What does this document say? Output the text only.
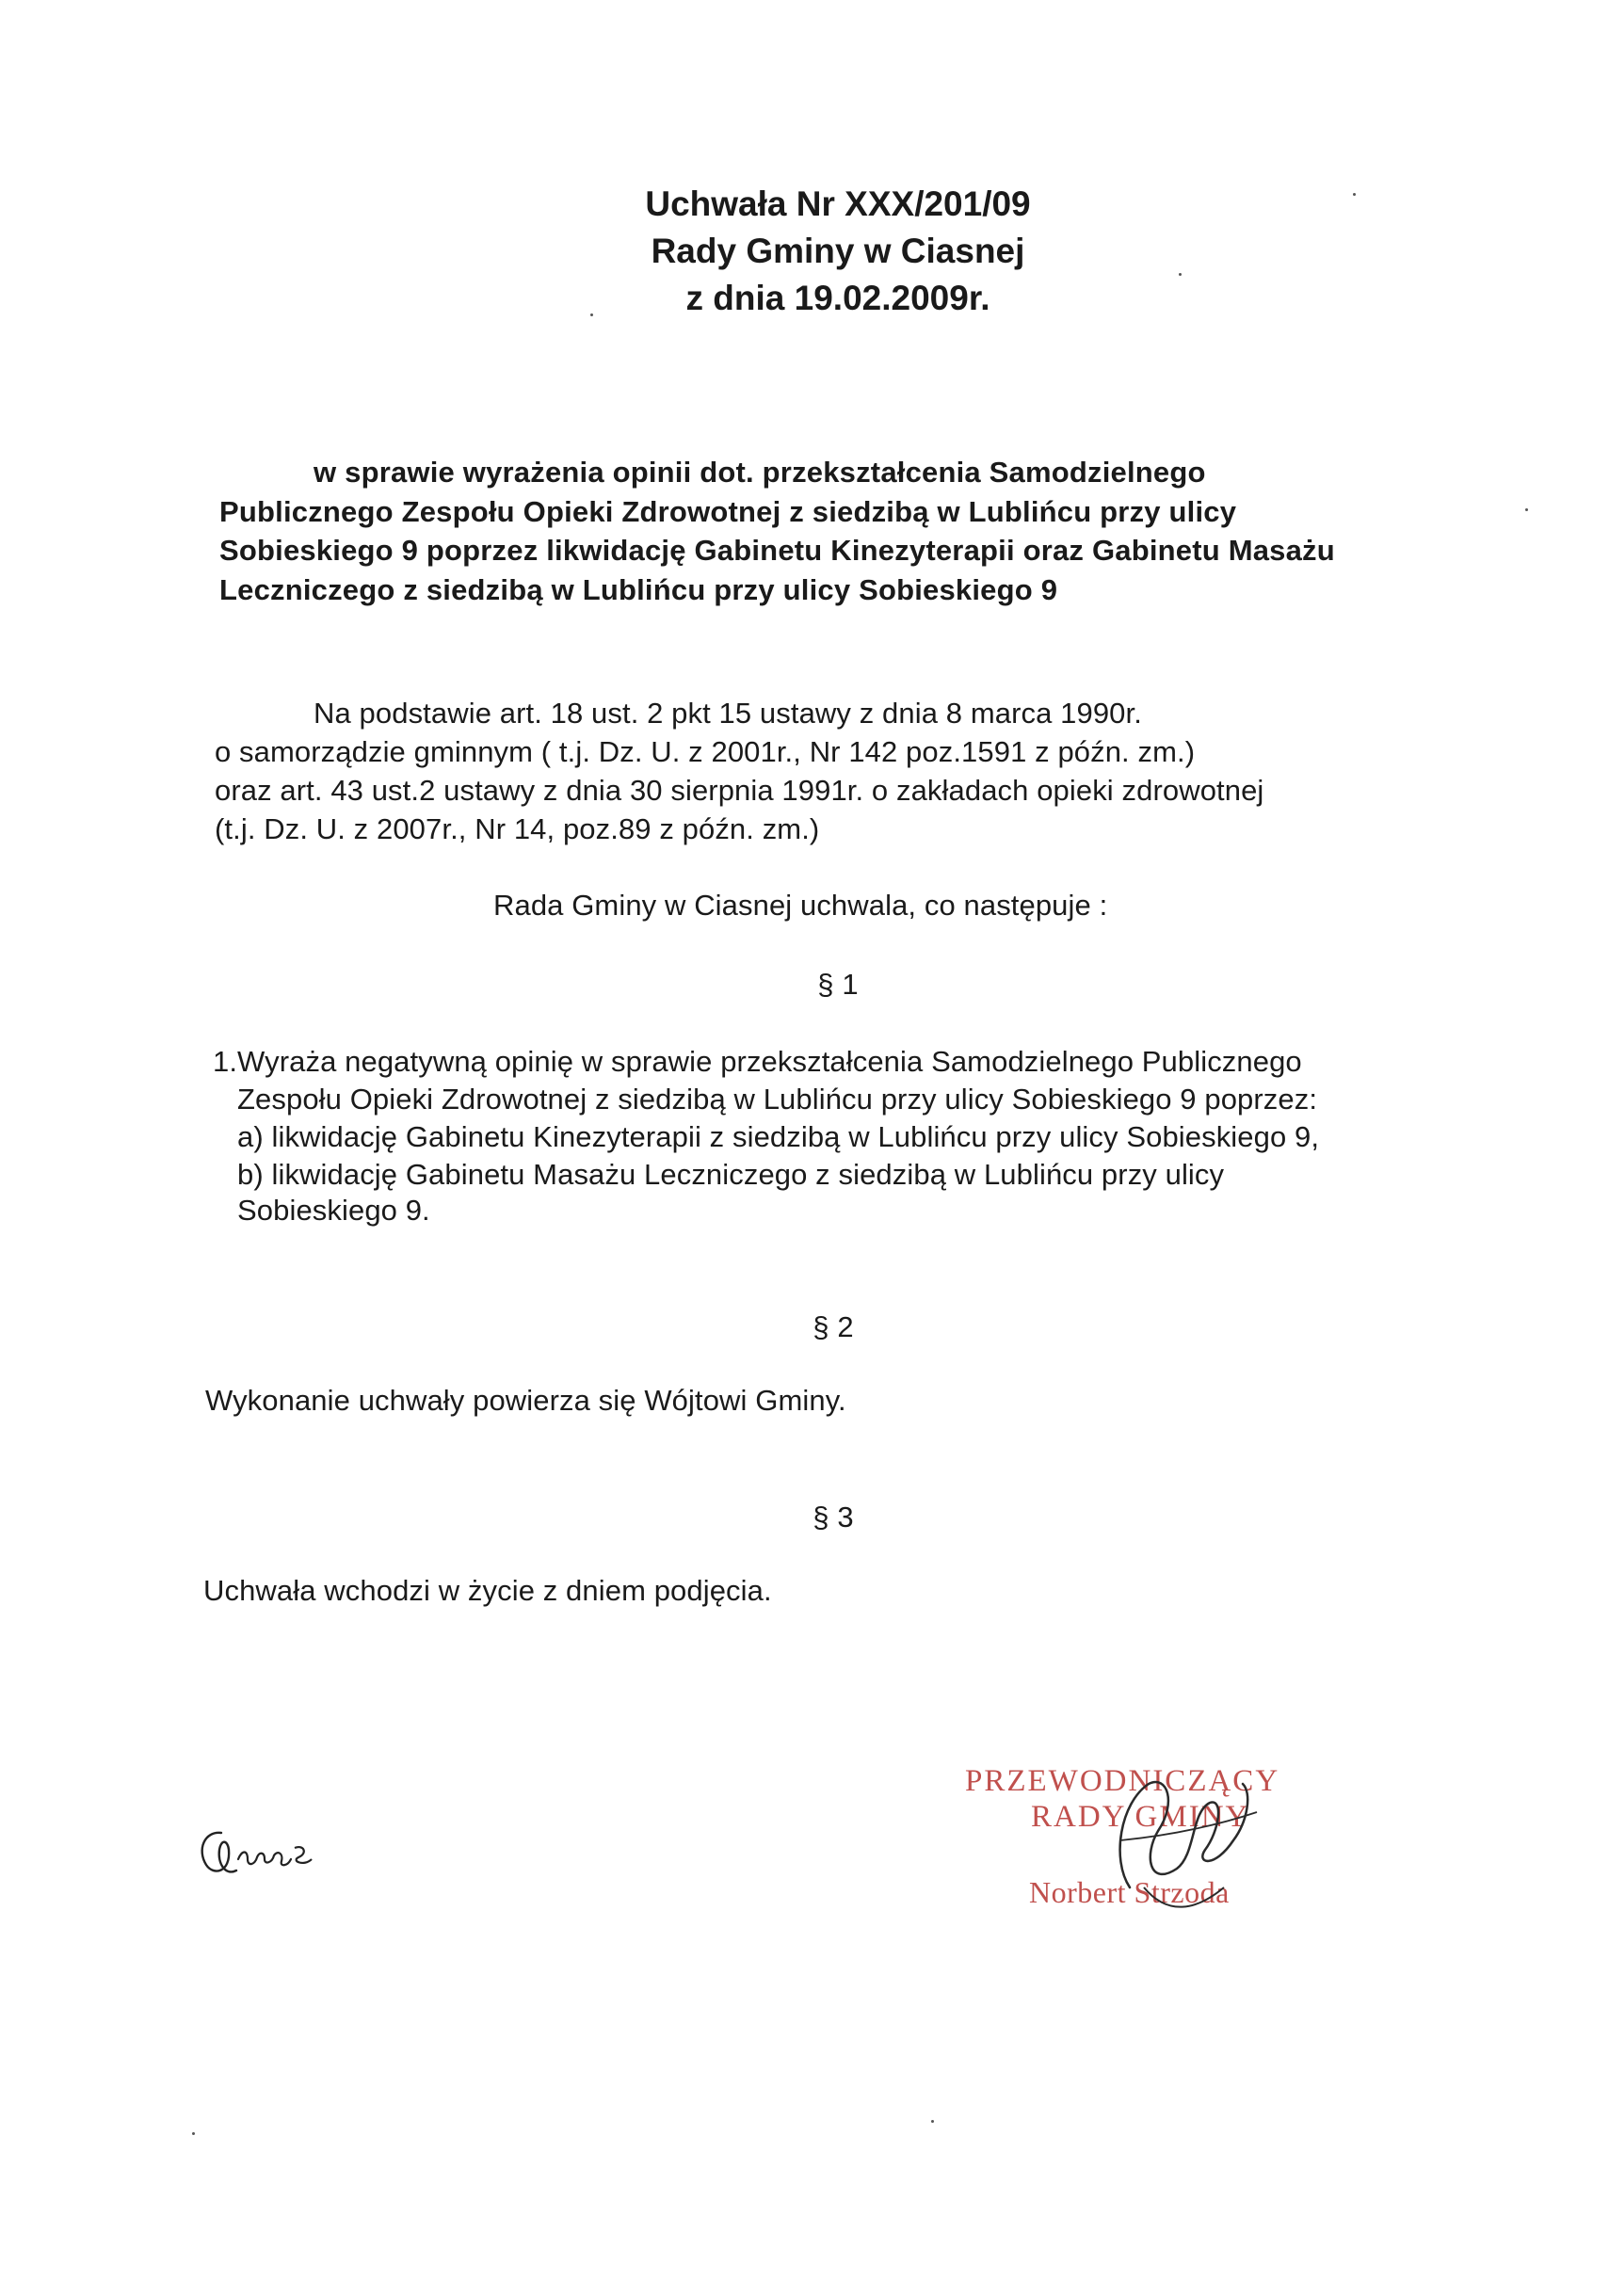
Uchwała Nr XXX/201/09
Rady Gminy w Ciasnej
z dnia 19.02.2009r.
w sprawie wyrażenia opinii dot. przekształcenia Samodzielnego
Publicznego Zespołu Opieki Zdrowotnej z siedzibą w Lublińcu przy ulicy
Sobieskiego 9 poprzez likwidację Gabinetu Kinezyterapii oraz Gabinetu Masażu
Leczniczego z siedzibą w Lublińcu przy ulicy Sobieskiego 9
Na podstawie art. 18 ust. 2 pkt 15 ustawy z dnia 8 marca 1990r.
o samorządzie gminnym ( t.j. Dz. U. z 2001r., Nr 142 poz.1591 z późn. zm.)
oraz art. 43 ust.2 ustawy z dnia 30 sierpnia 1991r. o zakładach opieki zdrowotnej
(t.j. Dz. U. z 2007r., Nr 14, poz.89 z późn. zm.)
Rada Gminy w Ciasnej uchwala, co następuje :
§ 1
1.Wyraża negatywną opinię w sprawie przekształcenia Samodzielnego Publicznego
Zespołu Opieki Zdrowotnej z siedzibą w Lublińcu przy ulicy Sobieskiego 9 poprzez:
a) likwidację Gabinetu Kinezyterapii z siedzibą w Lublińcu przy ulicy Sobieskiego 9,
b) likwidację Gabinetu Masażu Leczniczego z siedzibą w Lublińcu przy ulicy
Sobieskiego 9.
§ 2
Wykonanie uchwały powierza się Wójtowi Gminy.
§ 3
Uchwała wchodzi w życie z dniem podjęcia.
PRZEWODNICZĄCY
RADY GMINY
Norbert Strzoda
